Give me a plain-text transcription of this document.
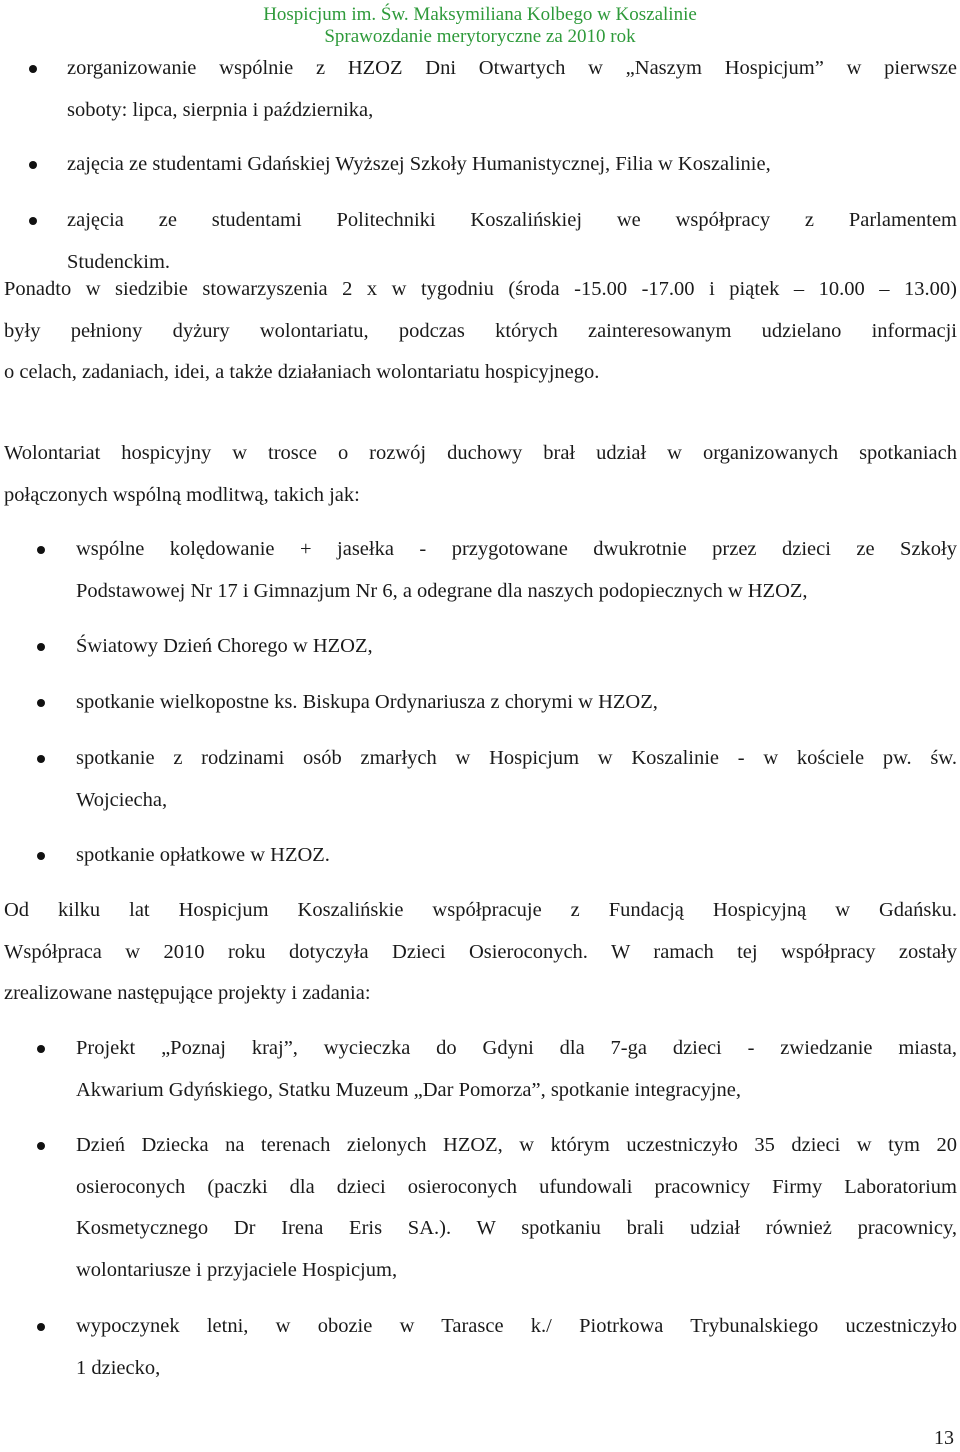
Hospicjum im. Św. Maksymiliana Kolbego w Koszalinie
Sprawozdanie merytoryczne za 2010 rok
zorganizowanie wspólnie z HZOZ Dni Otwartych w „Naszym Hospicjum” w pierwsze
soboty: lipca, sierpnia i października,
zajęcia ze studentami Gdańskiej Wyższej Szkoły Humanistycznej, Filia w Koszalinie,
zajęcia ze studentami Politechniki Koszalińskiej we współpracy z Parlamentem
Studenckim.
Ponadto w siedzibie stowarzyszenia 2 x w tygodniu (środa -15.00 -17.00 i piątek – 10.00 – 13.00)
były pełniony dyżury wolontariatu, podczas których zainteresowanym udzielano informacji
o celach, zadaniach, idei, a także działaniach wolontariatu hospicyjnego.
Wolontariat hospicyjny w trosce o rozwój duchowy brał udział w organizowanych spotkaniach
połączonych wspólną modlitwą, takich jak:
wspólne kolędowanie + jasełka - przygotowane dwukrotnie przez dzieci ze Szkoły
Podstawowej Nr 17 i Gimnazjum Nr 6, a odegrane dla naszych podopiecznych w HZOZ,
Światowy Dzień Chorego w HZOZ,
spotkanie wielkopostne ks. Biskupa Ordynariusza z chorymi w HZOZ,
spotkanie z rodzinami osób zmarłych w Hospicjum w Koszalinie - w kościele pw. św.
Wojciecha,
spotkanie opłatkowe w HZOZ.
Od kilku lat Hospicjum Koszalińskie współpracuje z Fundacją Hospicyjną w Gdańsku.
Współpraca w 2010 roku dotyczyła Dzieci Osieroconych. W ramach tej współpracy zostały
zrealizowane następujące projekty i zadania:
Projekt „Poznaj kraj”, wycieczka do Gdyni dla 7-ga dzieci - zwiedzanie miasta,
Akwarium Gdyńskiego, Statku Muzeum „Dar Pomorza”, spotkanie integracyjne,
Dzień Dziecka na terenach zielonych HZOZ, w którym uczestniczyło 35 dzieci w tym 20
osieroconych (paczki dla dzieci osieroconych ufundowali pracownicy Firmy Laboratorium
Kosmetycznego Dr Irena Eris SA.). W spotkaniu brali udział również pracownicy,
wolontariusze i przyjaciele Hospicjum,
wypoczynek letni, w obozie w Tarasce k./ Piotrkowa Trybunalskiego uczestniczyło
1 dziecko,
13
